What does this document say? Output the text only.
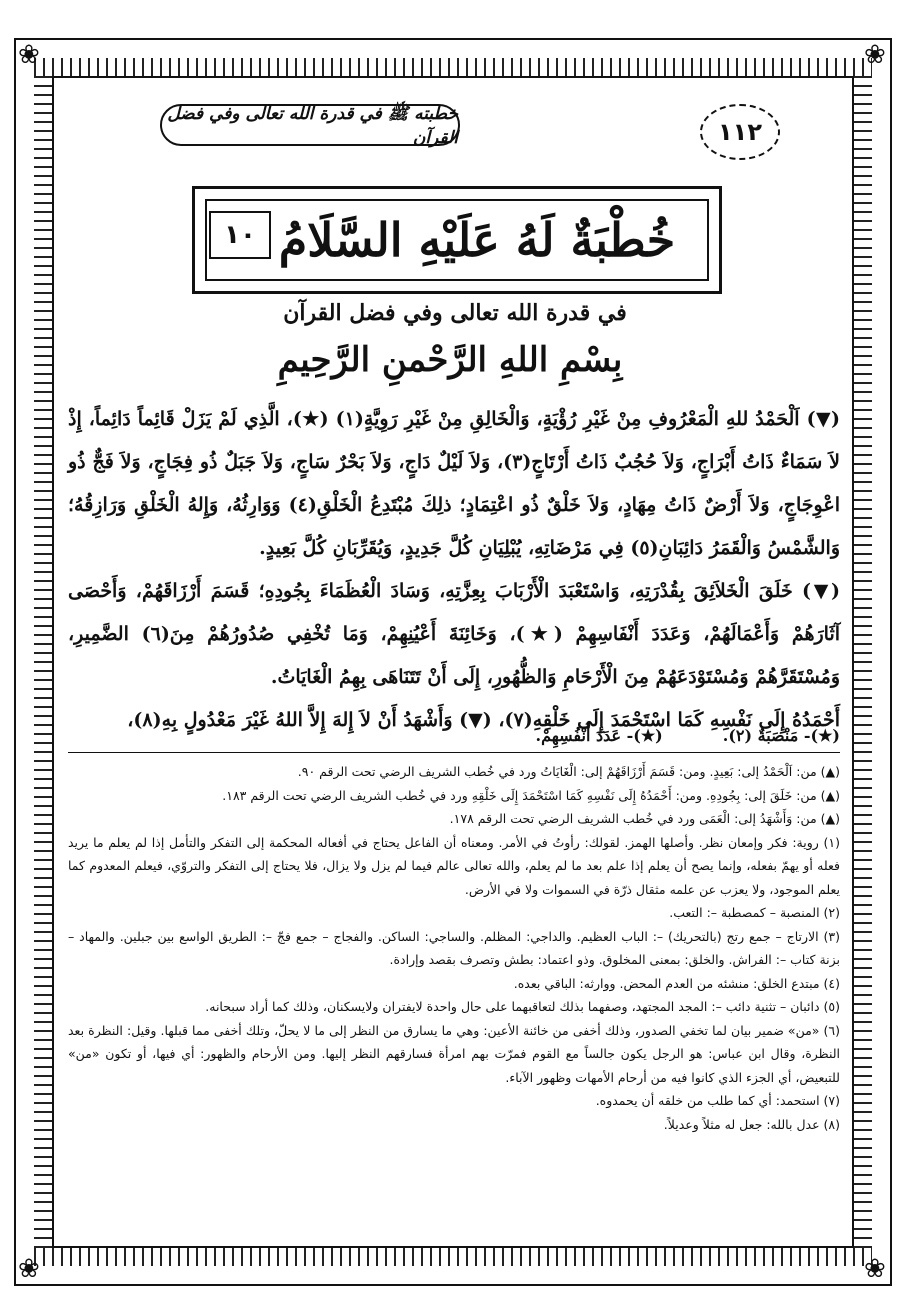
❀	❀
❀	❀
خطبته ﷺ في قدرة الله تعالى وفي فضل القرآن	١١٢
خُطْبَةٌ لَهُ عَلَيْهِ السَّلَامُ
١٠
في قدرة الله تعالى وفي فضل القرآن
بِسْمِ اللهِ الرَّحْمنِ الرَّحِيمِ

(▼) اَلْحَمْدُ للهِ الْمَعْرُوفِ مِنْ غَيْرِ رُؤْيَةٍ، وَالْخَالِقِ مِنْ غَيْرِ رَوِيَّةٍ(١) (★)، الَّذِي لَمْ يَزَلْ قَائِماً دَائِماً، إِذْ لاَ سَمَاءٌ ذَاتُ أَبْرَاجٍ، وَلاَ حُجُبٌ ذَاتُ أَرْتَاجٍ(٣)، وَلاَ لَيْلٌ دَاجٍ، وَلاَ بَحْرٌ سَاجٍ، وَلاَ جَبَلٌ ذُو فِجَاجٍ، وَلاَ فَجٌّ ذُو اعْوِجَاجٍ، وَلاَ أَرْضٌ ذَاتُ مِهَادٍ، وَلاَ خَلْقٌ ذُو اعْتِمَادٍ؛ ذلِكَ مُبْتَدِعُ الْخَلْقِ(٤) وَوَارِثُهُ، وَإِلهُ الْخَلْقِ وَرَازِقُهُ؛ وَالشَّمْسُ وَالْقَمَرُ دَائِبَانِ(٥) فِي مَرْضَاتِهِ، يُبْلِيَانِ كُلَّ جَدِيدٍ، وَيُقَرِّبَانِ كُلَّ بَعِيدٍ.

(▼) خَلَقَ الْخَلاَئِقَ بِقُدْرَتِهِ، وَاسْتَعْبَدَ الْأَرْبَابَ بِعِزَّتِهِ، وَسَادَ الْعُظَمَاءَ بِجُودِهِ؛ قَسَمَ أَرْزَاقَهُمْ، وَأَحْصَى آثَارَهُمْ وَأَعْمَالَهُمْ، وَعَدَدَ أَنْفَاسِهِمْ (★)، وَخَائِنَةَ أَعْيُنِهِمْ، وَمَا تُخْفِي صُدُورُهُمْ مِنَ(٦) الضَّمِيرِ، وَمُسْتَقَرَّهُمْ وَمُسْتَوْدَعَهُمْ مِنَ الْأَرْحَامِ وَالظُّهُورِ، إِلَى أَنْ تَتَنَاهَى بِهِمُ الْغَايَاتُ.

أَحْمَدُهُ إِلَى نَفْسِهِ كَمَا اسْتَحْمَدَ إِلَى خَلْقِهِ(٧)، (▼) وَأَشْهَدُ أَنْ لاَ إِلهَ إِلاَّ اللهُ غَيْرَ مَعْدُولٍ بِهِ(٨)،

(★)- مَنْصَبَةٌ (٢).
(★)- عَدَدَ أَنْفُسِهِمْ.

(▲) من: اَلْحَمْدُ إلى: بَعِيدٍ. ومن: قَسَمَ أَرْزَاقَهُمْ إلى: الْغَايَاتُ ورد في خُطب الشريف الرضي تحت الرقم ٩٠.

(▲) من: خَلَقَ إلى: بِجُودِهِ. ومن: أَحْمَدُهُ إِلَى نَفْسِهِ كَمَا اسْتَحْمَدَ إِلَى خَلْقِهِ ورد في خُطب الشريف الرضي تحت الرقم ١٨٣.

(▲) من: وَأَشْهَدُ إلى: الْعَمَى ورد في خُطب الشريف الرضي تحت الرقم ١٧٨.

(١) روية: فكر وإمعان نظر. وأصلها الهمز. لقولك: رأوتُ في الأمر. ومعناه أن الفاعل يحتاج في أفعاله المحكمة إلى التفكر والتأمل إذا لم يعلم ما يريد فعله أو يهمّ بفعله، وإنما يصح أن يعلم إذا علم بعد ما لم يعلم، والله تعالى عالم فيما لم يزل ولا يزال، فلا يحتاج إلى التفكر والتروّي، فيعلم المعدوم كما يعلم الموجود، ولا يعزب عن علمه مثقال ذرّة في السموات ولا في الأرض.

(٢) المنصبة – كمصطبة –: التعب.

(٣) الارتاج – جمع رتج (بالتحريك) –: الباب العظيم. والداجي: المظلم. والساجي: الساكن. والفجاج – جمع فجّ –: الطريق الواسع بين جبلين. والمهاد – بزنة كتاب –: الفراش. والخلق: بمعنى المخلوق. وذو اعتماد: بطش وتصرف بقصد وإرادة.

(٤) مبتدع الخلق: منشئه من العدم المحض. ووارثه: الباقي بعده.

(٥) دائبان – تثنية دائب –: المجد المجتهد، وصفهما بذلك لتعاقبهما على حال واحدة لايفتران ولايسكنان، وذلك كما أراد سبحانه.

(٦) «من» ضمير بيان لما تخفي الصدور، وذلك أخفى من خائنة الأعين: وهي ما يسارق من النظر إلى ما لا يحلّ، وتلك أخفى مما قبلها. وقيل: النظرة بعد النظرة، وقال ابن عباس: هو الرجل يكون جالساً مع القوم فمرّت بهم امرأة فسارقهم النظر إليها. ومن الأرحام والظهور: أي فيها، أو تكون «من» للتبعيض، أي الجزء الذي كانوا فيه من أرحام الأمهات وظهور الآباء.

(٧) استحمد: أي كما طلب من خلقه أن يحمدوه.

(٨) عدل بالله: جعل له مثلاً وعديلاً.
